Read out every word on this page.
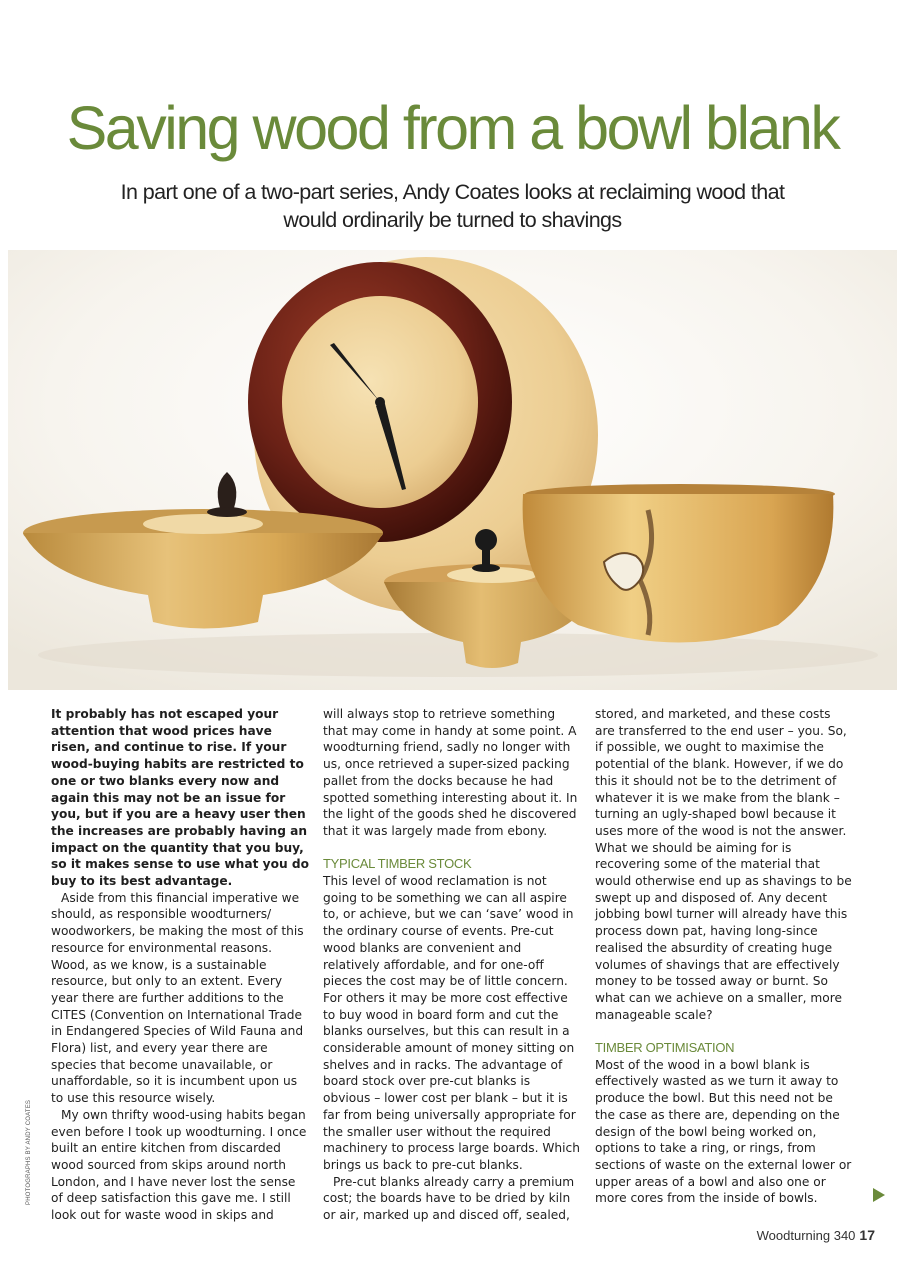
Saving wood from a bowl blank
In part one of a two-part series, Andy Coates looks at reclaiming wood that would ordinarily be turned to shavings
PHOTOGRAPHS BY ANDY COATES

It probably has not escaped your attention that wood prices have risen, and continue to rise. If your wood-buying habits are restricted to one or two blanks every now and again this may not be an issue for you, but if you are a heavy user then the increases are probably having an impact on the quantity that you buy, so it makes sense to use what you do buy to its best advantage.

Aside from this financial imperative we should, as responsible woodturners/ woodworkers, be making the most of this resource for environmental reasons. Wood, as we know, is a sustainable resource, but only to an extent. Every year there are further additions to the CITES (Convention on International Trade in Endangered Species of Wild Fauna and Flora) list, and every year there are species that become unavailable, or unaffordable, so it is incumbent upon us to use this resource wisely.

My own thrifty wood-using habits began even before I took up woodturning. I once built an entire kitchen from discarded wood sourced from skips around north London, and I have never lost the sense of deep satisfaction this gave me. I still look out for waste wood in skips and

will always stop to retrieve something that may come in handy at some point. A woodturning friend, sadly no longer with us, once retrieved a super-sized packing pallet from the docks because he had spotted something interesting about it. In the light of the goods shed he discovered that it was largely made from ebony.

TYPICAL TIMBER STOCK

This level of wood reclamation is not going to be something we can all aspire to, or achieve, but we can ‘save’ wood in the ordinary course of events. Pre-cut wood blanks are convenient and relatively affordable, and for one-off pieces the cost may be of little concern. For others it may be more cost effective to buy wood in board form and cut the blanks ourselves, but this can result in a considerable amount of money sitting on shelves and in racks. The advantage of board stock over pre-cut blanks is obvious – lower cost per blank – but it is far from being universally appropriate for the smaller user without the required machinery to process large boards. Which brings us back to pre-cut blanks.

Pre-cut blanks already carry a premium cost; the boards have to be dried by kiln or air, marked up and disced off, sealed,

stored, and marketed, and these costs are transferred to the end user – you. So, if possible, we ought to maximise the potential of the blank. However, if we do this it should not be to the detriment of whatever it is we make from the blank – turning an ugly-shaped bowl because it uses more of the wood is not the answer. What we should be aiming for is recovering some of the material that would otherwise end up as shavings to be swept up and disposed of. Any decent jobbing bowl turner will already have this process down pat, having long-since realised the absurdity of creating huge volumes of shavings that are effectively money to be tossed away or burnt. So what can we achieve on a smaller, more manageable scale?

TIMBER OPTIMISATION

Most of the wood in a bowl blank is effectively wasted as we turn it away to produce the bowl. But this need not be the case as there are, depending on the design of the bowl being worked on, options to take a ring, or rings, from sections of waste on the external lower or upper areas of a bowl and also one or more cores from the inside of bowls.

Woodturning 340 17
